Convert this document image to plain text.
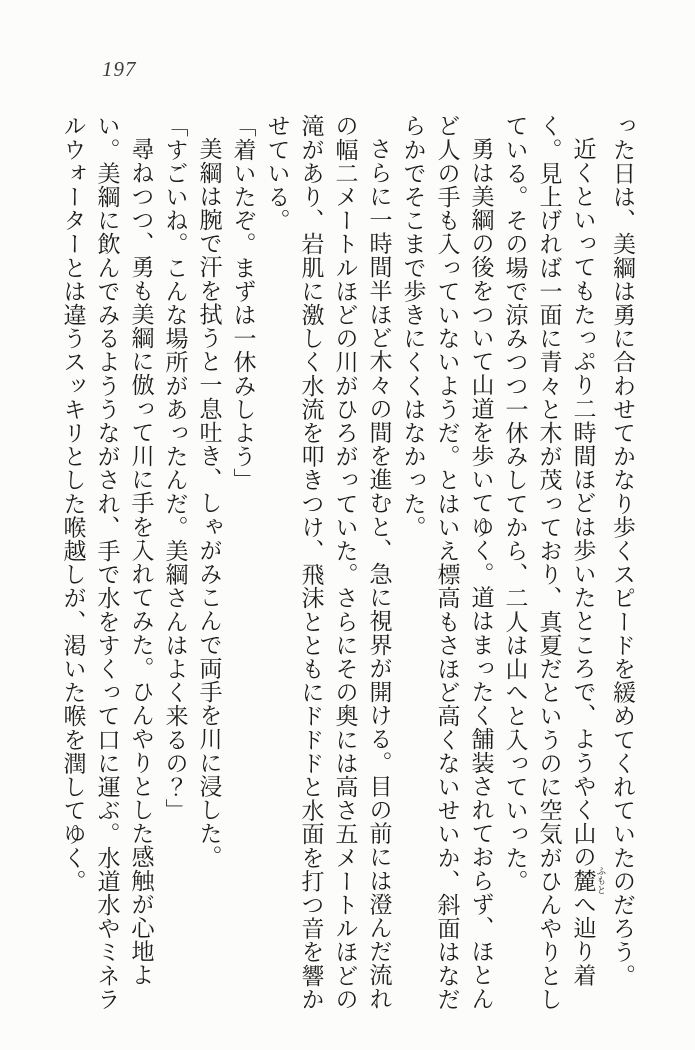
197

った日は、美綱は勇に合わせてかなり歩くスピードを緩めてくれていたのだろう。

近くといってもたっぷり二時間ほどは歩いたところで、ようやく山の麓 ふもとへ辿り着く。見上げれば一面に青々と木が茂っており、真夏だというのに空気がひんやりとしている。その場で涼みつつ一休みしてから、二人は山へと入っていった。

勇は美綱の後をついて山道を歩いてゆく。道はまったく舗装されておらず、ほとんど人の手も入っていないようだ。とはいえ標高もさほど高くないせいか、斜面はなだらかでそこまで歩きにくくはなかった。

さらに一時間半ほど木々の間を進むと、急に視界が開ける。目の前には澄んだ流れの幅二メートルほどの川がひろがっていた。さらにその奥には高さ五メートルほどの滝があり、岩肌に激しく水流を叩きつけ、飛沫とともにドドドと水面を打つ音を響かせている。

「着いたぞ。まずは一休みしよう」

美綱は腕で汗を拭うと一息吐き、しゃがみこんで両手を川に浸した。

「すごいね。こんな場所があったんだ。美綱さんはよく来るの？」

尋ねつつ、勇も美綱に倣って川に手を入れてみた。ひんやりとした感触が心地よい。美綱に飲んでみるよううながされ、手で水をすくって口に運ぶ。水道水やミネラルウォーターとは違うスッキリとした喉越しが、渇いた喉を潤してゆく。
